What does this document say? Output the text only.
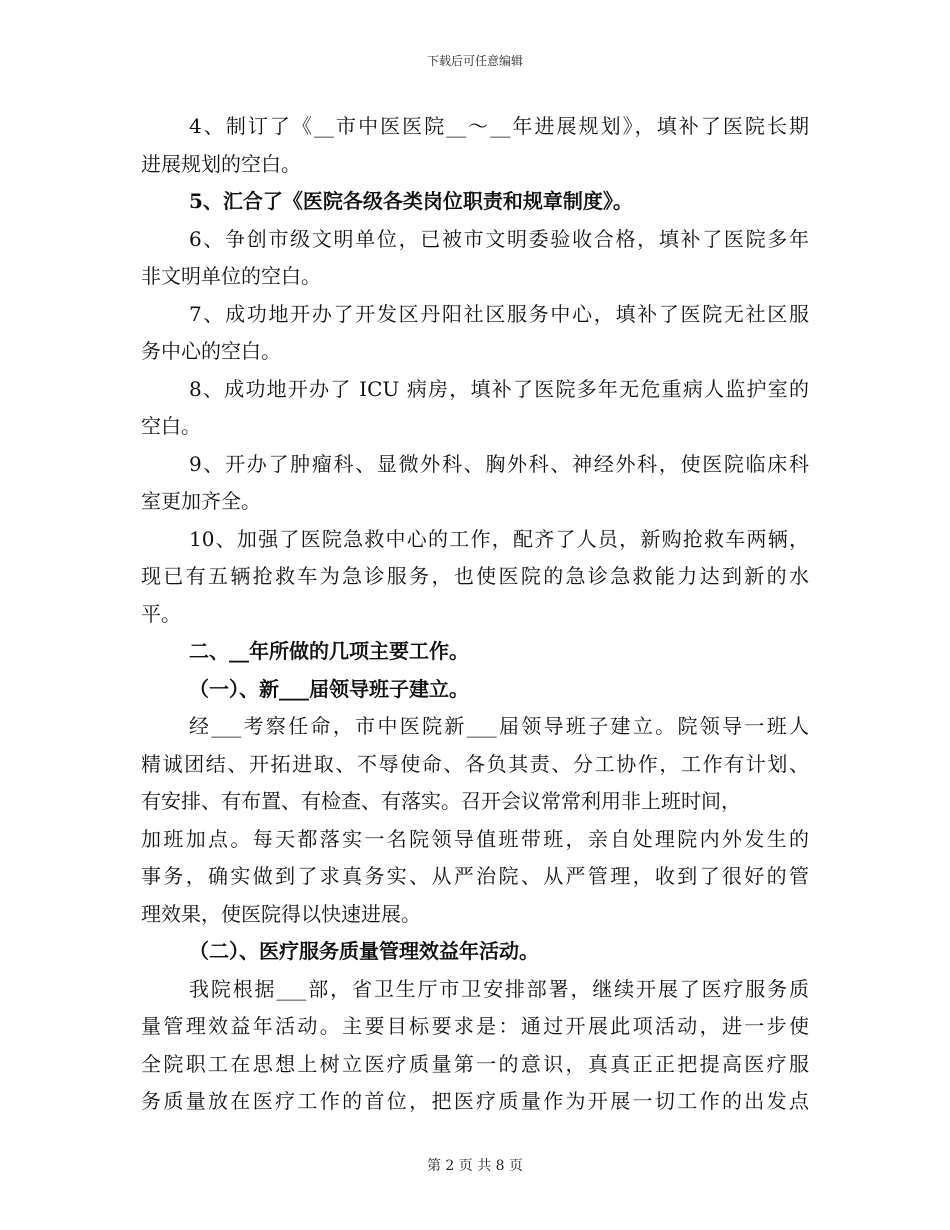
下载后可任意编辑
4、制订了《__市中医医院__～__年进展规划》，填补了医院长期
进展规划的空白。
5、汇合了《医院各级各类岗位职责和规章制度》。
6、争创市级文明单位，已被市文明委验收合格，填补了医院多年
非文明单位的空白。
7、成功地开办了开发区丹阳社区服务中心，填补了医院无社区服
务中心的空白。
8、成功地开办了 ICU 病房，填补了医院多年无危重病人监护室的
空白。
9、开办了肿瘤科、显微外科、胸外科、神经外科，使医院临床科
室更加齐全。
10、加强了医院急救中心的工作，配齐了人员，新购抢救车两辆，
现已有五辆抢救车为急诊服务，也使医院的急诊急救能力达到新的水
平。
二、__年所做的几项主要工作。
（一）、新___届领导班子建立。
经___考察任命，市中医院新___届领导班子建立。院领导一班人
精诚团结、开拓进取、不辱使命、各负其责、分工协作，工作有计划、
有安排、有布置、有检查、有落实。召开会议常常利用非上班时间，
加班加点。每天都落实一名院领导值班带班，亲自处理院内外发生的
事务，确实做到了求真务实、从严治院、从严管理，收到了很好的管
理效果，使医院得以快速进展。
（二）、医疗服务质量管理效益年活动。
我院根据___部，省卫生厅市卫安排部署，继续开展了医疗服务质
量管理效益年活动。主要目标要求是：通过开展此项活动，进一步使
全院职工在思想上树立医疗质量第一的意识，真真正正把提高医疗服
务质量放在医疗工作的首位，把医疗质量作为开展一切工作的出发点
第 2 页 共 8 页
